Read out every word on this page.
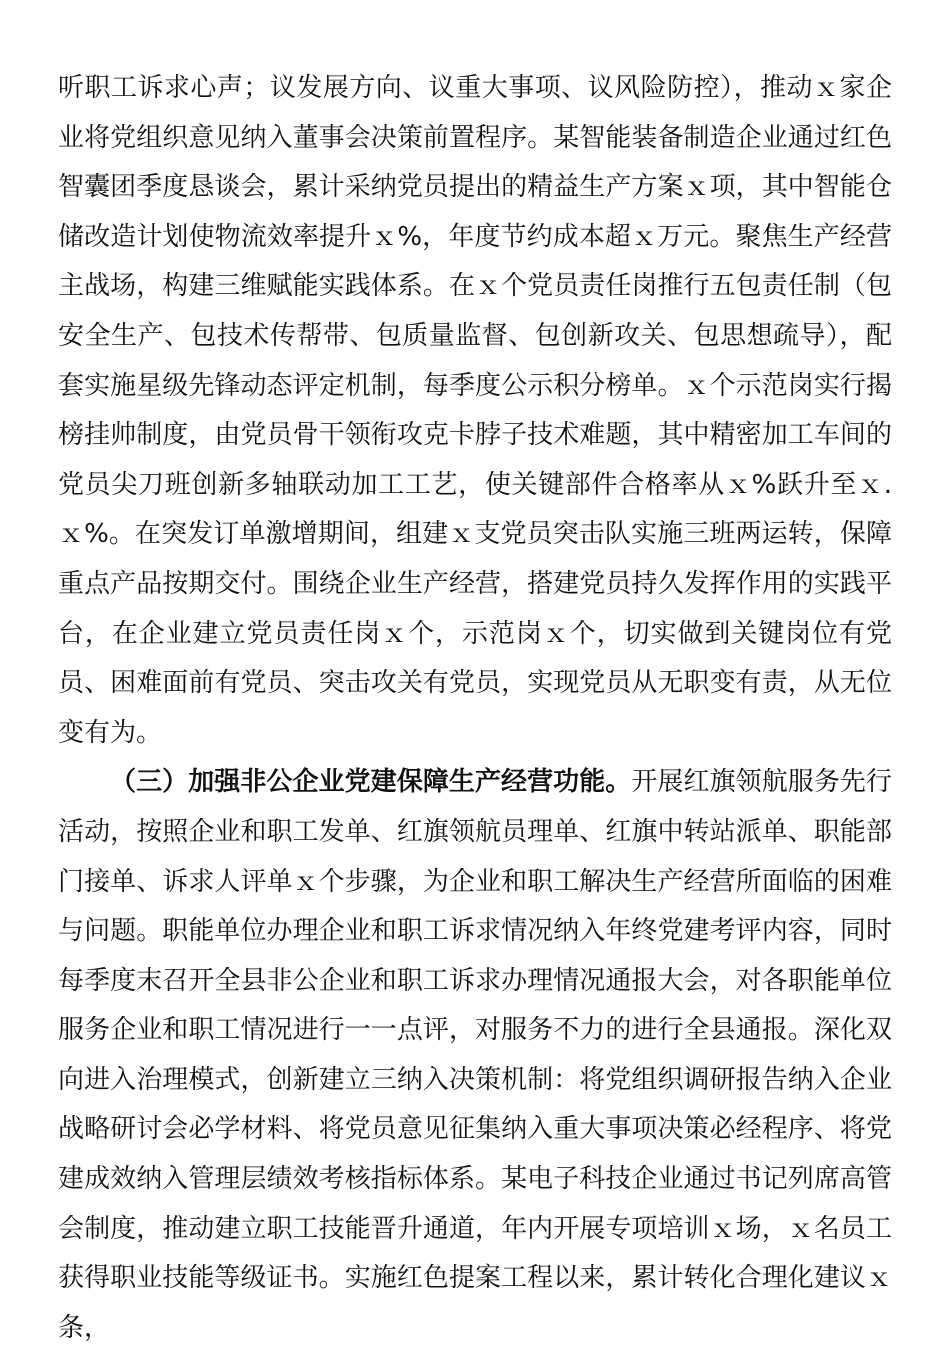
听职工诉求心声；议发展方向、议重大事项、议风险防控），推动ｘ家企业将党组织意见纳入董事会决策前置程序。某智能装备制造企业通过红色智囊团季度恳谈会，累计采纳党员提出的精益生产方案ｘ项，其中智能仓储改造计划使物流效率提升ｘ%，年度节约成本超ｘ万元。聚焦生产经营主战场，构建三维赋能实践体系。在ｘ个党员责任岗推行五包责任制（包安全生产、包技术传帮带、包质量监督、包创新攻关、包思想疏导），配套实施星级先锋动态评定机制，每季度公示积分榜单。ｘ个示范岗实行揭榜挂帅制度，由党员骨干领衔攻克卡脖子技术难题，其中精密加工车间的党员尖刀班创新多轴联动加工工艺，使关键部件合格率从ｘ%跃升至ｘ.ｘ%。在突发订单激增期间，组建ｘ支党员突击队实施三班两运转，保障重点产品按期交付。围绕企业生产经营，搭建党员持久发挥作用的实践平台，在企业建立党员责任岗ｘ个，示范岗ｘ个，切实做到关键岗位有党员、困难面前有党员、突击攻关有党员，实现党员从无职变有责，从无位变有为。

（三）加强非公企业党建保障生产经营功能。开展红旗领航服务先行活动，按照企业和职工发单、红旗领航员理单、红旗中转站派单、职能部门接单、诉求人评单ｘ个步骤，为企业和职工解决生产经营所面临的困难与问题。职能单位办理企业和职工诉求情况纳入年终党建考评内容，同时每季度末召开全县非公企业和职工诉求办理情况通报大会，对各职能单位服务企业和职工情况进行一一点评，对服务不力的进行全县通报。深化双向进入治理模式，创新建立三纳入决策机制：将党组织调研报告纳入企业战略研讨会必学材料、将党员意见征集纳入重大事项决策必经程序、将党建成效纳入管理层绩效考核指标体系。某电子科技企业通过书记列席高管会制度，推动建立职工技能晋升通道，年内开展专项培训ｘ场，ｘ名员工获得职业技能等级证书。实施红色提案工程以来，累计转化合理化建议ｘ条，
